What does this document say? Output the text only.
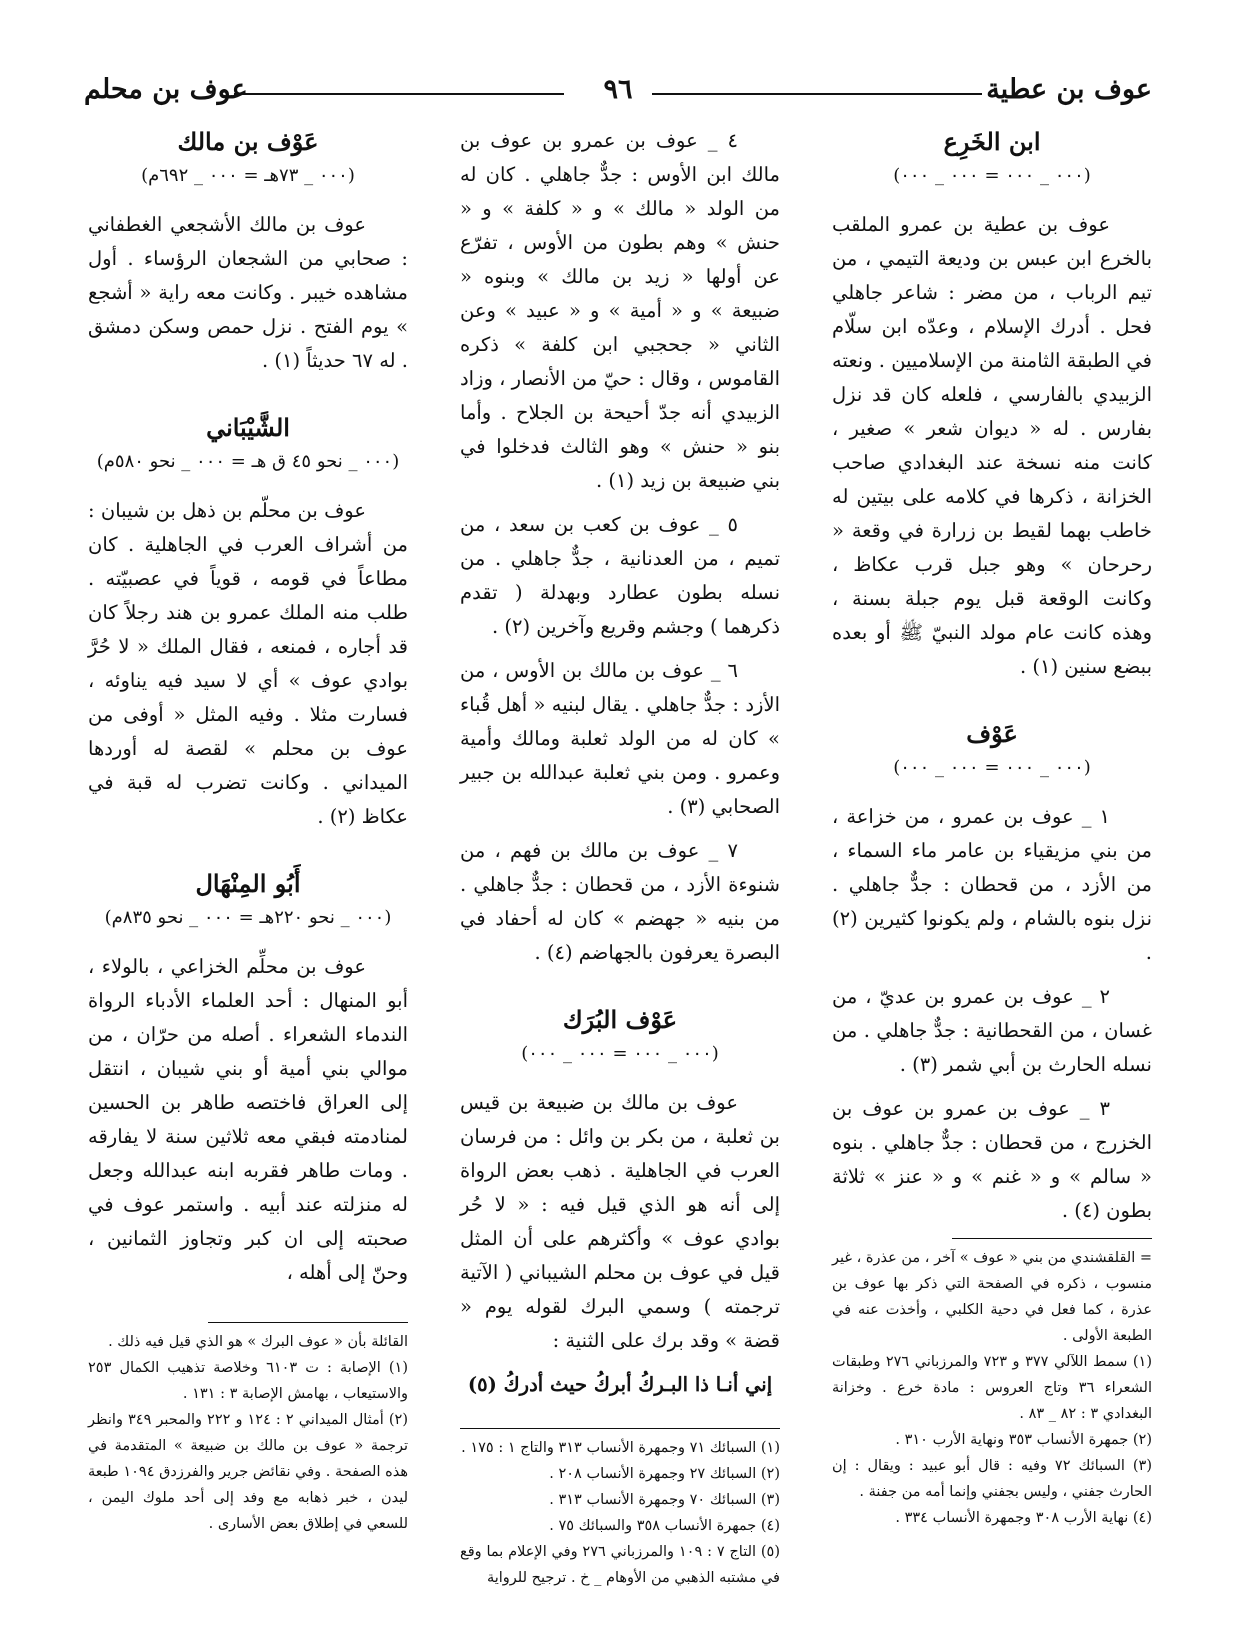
عوف بن عطية
٩٦
عوف بن محلم
ابن الخَرِع
(٠٠٠ _ ٠٠٠ = ٠٠٠ _ ٠٠٠)

عوف بن عطية بن عمرو الملقب بالخرع ابن عبس بن وديعة التيمي ، من تيم الرباب ، من مضر : شاعر جاهلي فحل . أدرك الإسلام ، وعدّه ابن سلّام في الطبقة الثامنة من الإسلاميين . ونعته الزبيدي بالفارسي ، فلعله كان قد نزل بفارس . له « ديوان شعر » صغير ، كانت منه نسخة عند البغدادي صاحب الخزانة ، ذكرها في كلامه على بيتين له خاطب بهما لقيط بن زرارة في وقعة « رحرحان » وهو جبل قرب عكاظ ، وكانت الوقعة قبل يوم جبلة بسنة ، وهذه كانت عام مولد النبيّ ﷺ أو بعده ببضع سنين (١) .

عَوْف
(٠٠٠ _ ٠٠٠ = ٠٠٠ _ ٠٠٠)

١ _ عوف بن عمرو ، من خزاعة ، من بني مزيقياء بن عامر ماء السماء ، من الأزد ، من قحطان : جدٌّ جاهلي . نزل بنوه بالشام ، ولم يكونوا كثيرين (٢) .

٢ _ عوف بن عمرو بن عديّ ، من غسان ، من القحطانية : جدٌّ جاهلي . من نسله الحارث بن أبي شمر (٣) .

٣ _ عوف بن عمرو بن عوف بن الخزرج ، من قحطان : جدٌّ جاهلي . بنوه « سالم » و « غنم » و « عنز » ثلاثة بطون (٤) .

= القلقشندي من بني « عوف » آخر ، من عذرة ، غير منسوب ، ذكره في الصفحة التي ذكر بها عوف بن عذرة ، كما فعل في دحية الكلبي ، وأخذت عنه في الطبعة الأولى .

(١) سمط اللآلي ٣٧٧ و ٧٢٣ والمرزباني ٢٧٦ وطبقات الشعراء ٣٦ وتاج العروس : مادة خرع . وخزانة البغدادي ٣ : ٨٢ _ ٨٣ .

(٢) جمهرة الأنساب ٣٥٣ ونهاية الأرب ٣١٠ .

(٣) السبائك ٧٢ وفيه : قال أبو عبيد : ويقال : إن الحارث جفني ، وليس بجفني وإنما أمه من جفنة .

(٤) نهاية الأرب ٣٠٨ وجمهرة الأنساب ٣٣٤ .

٤ _ عوف بن عمرو بن عوف بن مالك ابن الأوس : جدٌّ جاهلي . كان له من الولد « مالك » و « كلفة » و « حنش » وهم بطون من الأوس ، تفرّع عن أولها « زيد بن مالك » وبنوه « ضبيعة » و « أمية » و « عبيد » وعن الثاني « جحجبي ابن كلفة » ذكره القاموس ، وقال : حيّ من الأنصار ، وزاد الزبيدي أنه جدّ أحيحة بن الجلاح . وأما بنو « حنش » وهو الثالث فدخلوا في بني ضبيعة بن زيد (١) .

٥ _ عوف بن كعب بن سعد ، من تميم ، من العدنانية ، جدٌّ جاهلي . من نسله بطون عطارد وبهدلة ( تقدم ذكرهما ) وجشم وقريع وآخرين (٢) .

٦ _ عوف بن مالك بن الأوس ، من الأزد : جدٌّ جاهلي . يقال لبنيه « أهل قُباء » كان له من الولد ثعلبة ومالك وأمية وعمرو . ومن بني ثعلبة عبدالله بن جبير الصحابي (٣) .

٧ _ عوف بن مالك بن فهم ، من شنوءة الأزد ، من قحطان : جدٌّ جاهلي . من بنيه « جهضم » كان له أحفاد في البصرة يعرفون بالجهاضم (٤) .

عَوْف البُرَك
(٠٠٠ _ ٠٠٠ = ٠٠٠ _ ٠٠٠)

عوف بن مالك بن ضبيعة بن قيس بن ثعلبة ، من بكر بن وائل : من فرسان العرب في الجاهلية . ذهب بعض الرواة إلى أنه هو الذي قيل فيه : « لا حُر بوادي عوف » وأكثرهم على أن المثل قيل في عوف بن محلم الشيباني ( الآتية ترجمته ) وسمي البرك لقوله يوم « قضة » وقد برك على الثنية :

إني أنـا ذا البـركُ أبركُ حيث أدركُ (٥)

(١) السبائك ٧١ وجمهرة الأنساب ٣١٣ والتاج ١ : ١٧٥ .

(٢) السبائك ٢٧ وجمهرة الأنساب ٢٠٨ .

(٣) السبائك ٧٠ وجمهرة الأنساب ٣١٣ .

(٤) جمهرة الأنساب ٣٥٨ والسبائك ٧٥ .

(٥) التاج ٧ : ١٠٩ والمرزباني ٢٧٦ وفي الإعلام بما وقع في مشتبه الذهبي من الأوهام _ خ . ترجيح للرواية

عَوْف بن مالك
(٠٠٠ _ ٧٣هـ = ٠٠٠ _ ٦٩٢م)

عوف بن مالك الأشجعي الغطفاني : صحابي من الشجعان الرؤساء . أول مشاهده خيبر . وكانت معه راية « أشجع » يوم الفتح . نزل حمص وسكن دمشق . له ٦٧ حديثاً (١) .

الشَّيْبَاني
(٠٠٠ _ نحو ٤٥ ق هـ = ٠٠٠ _ نحو ٥٨٠م)

عوف بن محلّم بن ذهل بن شيبان : من أشراف العرب في الجاهلية . كان مطاعاً في قومه ، قوياً في عصبيّته . طلب منه الملك عمرو بن هند رجلاً كان قد أجاره ، فمنعه ، فقال الملك « لا حُرَّ بوادي عوف » أي لا سيد فيه يناوئه ، فسارت مثلا . وفيه المثل « أوفى من عوف بن محلم » لقصة له أوردها الميداني . وكانت تضرب له قبة في عكاظ (٢) .

أَبُو المِنْهَال
(٠٠٠ _ نحو ٢٢٠هـ = ٠٠٠ _ نحو ٨٣٥م)

عوف بن محلِّم الخزاعي ، بالولاء ، أبو المنهال : أحد العلماء الأدباء الرواة الندماء الشعراء . أصله من حرّان ، من موالي بني أمية أو بني شيبان ، انتقل إلى العراق فاختصه طاهر بن الحسين لمنادمته فبقي معه ثلاثين سنة لا يفارقه . ومات طاهر فقربه ابنه عبدالله وجعل له منزلته عند أبيه . واستمر عوف في صحبته إلى ان كبر وتجاوز الثمانين ، وحنّ إلى أهله ،

القائلة بأن « عوف البرك » هو الذي قيل فيه ذلك .

(١) الإصابة : ت ٦١٠٣ وخلاصة تذهيب الكمال ٢٥٣ والاستيعاب ، بهامش الإصابة ٣ : ١٣١ .

(٢) أمثال الميداني ٢ : ١٢٤ و ٢٢٢ والمحبر ٣٤٩ وانظر ترجمة « عوف بن مالك بن ضبيعة » المتقدمة في هذه الصفحة . وفي نقائض جرير والفرزدق ١٠٩٤ طبعة ليدن ، خبر ذهابه مع وفد إلى أحد ملوك اليمن ، للسعي في إطلاق بعض الأسارى .
